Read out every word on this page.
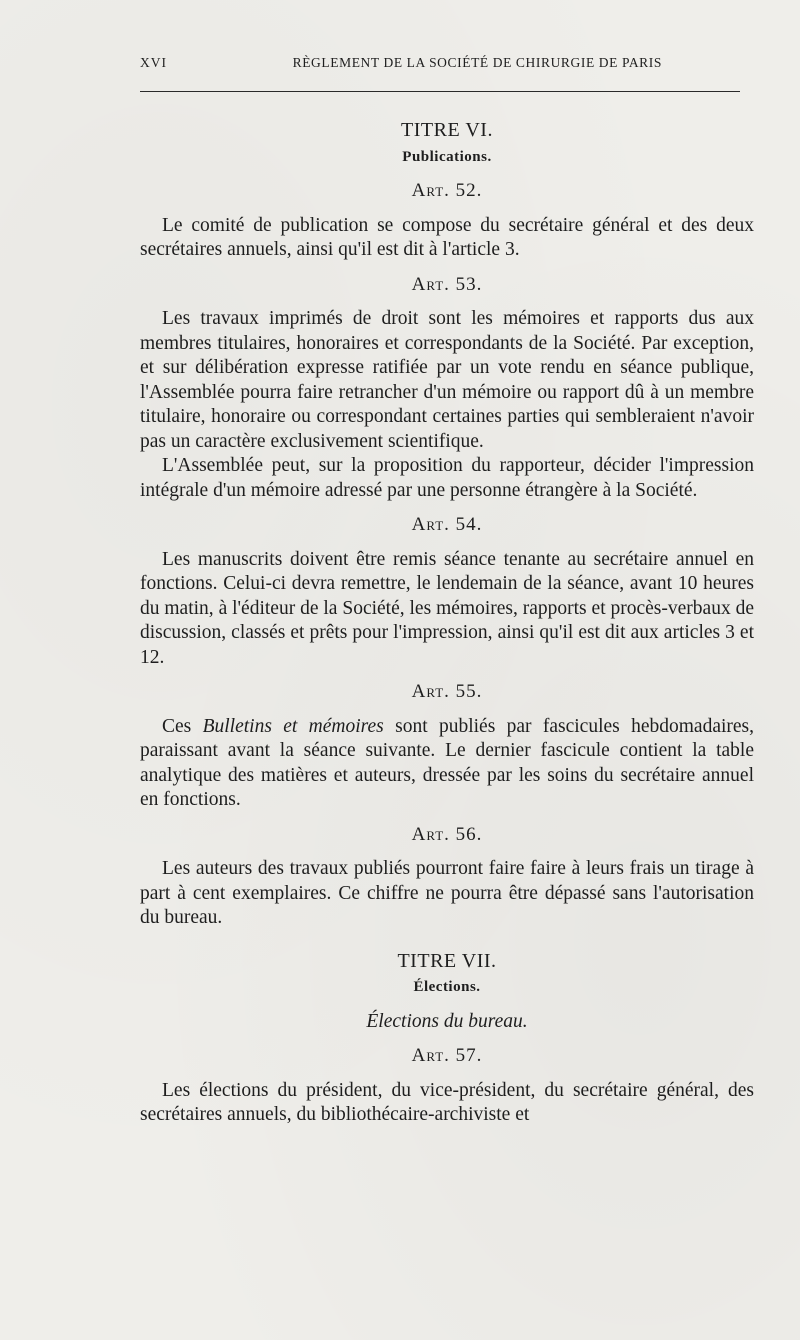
XVI	RÈGLEMENT DE LA SOCIÉTÉ DE CHIRURGIE DE PARIS
TITRE VI.
Publications.
Art. 52.

Le comité de publication se compose du secrétaire général et des deux secrétaires annuels, ainsi qu'il est dit à l'article 3.

Art. 53.

Les travaux imprimés de droit sont les mémoires et rapports dus aux membres titulaires, honoraires et correspondants de la Société. Par exception, et sur délibération expresse ratifiée par un vote rendu en séance publique, l'Assemblée pourra faire retrancher d'un mémoire ou rapport dû à un membre titulaire, honoraire ou correspondant certaines parties qui sembleraient n'avoir pas un caractère exclusivement scientifique.

L'Assemblée peut, sur la proposition du rapporteur, décider l'impression intégrale d'un mémoire adressé par une personne étrangère à la Société.

Art. 54.

Les manuscrits doivent être remis séance tenante au secrétaire annuel en fonctions. Celui-ci devra remettre, le lendemain de la séance, avant 10 heures du matin, à l'éditeur de la Société, les mémoires, rapports et procès-verbaux de discussion, classés et prêts pour l'impression, ainsi qu'il est dit aux articles 3 et 12.

Art. 55.

Ces Bulletins et mémoires sont publiés par fascicules hebdomadaires, paraissant avant la séance suivante. Le dernier fascicule contient la table analytique des matières et auteurs, dressée par les soins du secrétaire annuel en fonctions.

Art. 56.

Les auteurs des travaux publiés pourront faire faire à leurs frais un tirage à part à cent exemplaires. Ce chiffre ne pourra être dépassé sans l'autorisation du bureau.

TITRE VII.
Élections.
Élections du bureau.
Art. 57.

Les élections du président, du vice-président, du secrétaire général, des secrétaires annuels, du bibliothécaire-archiviste et
